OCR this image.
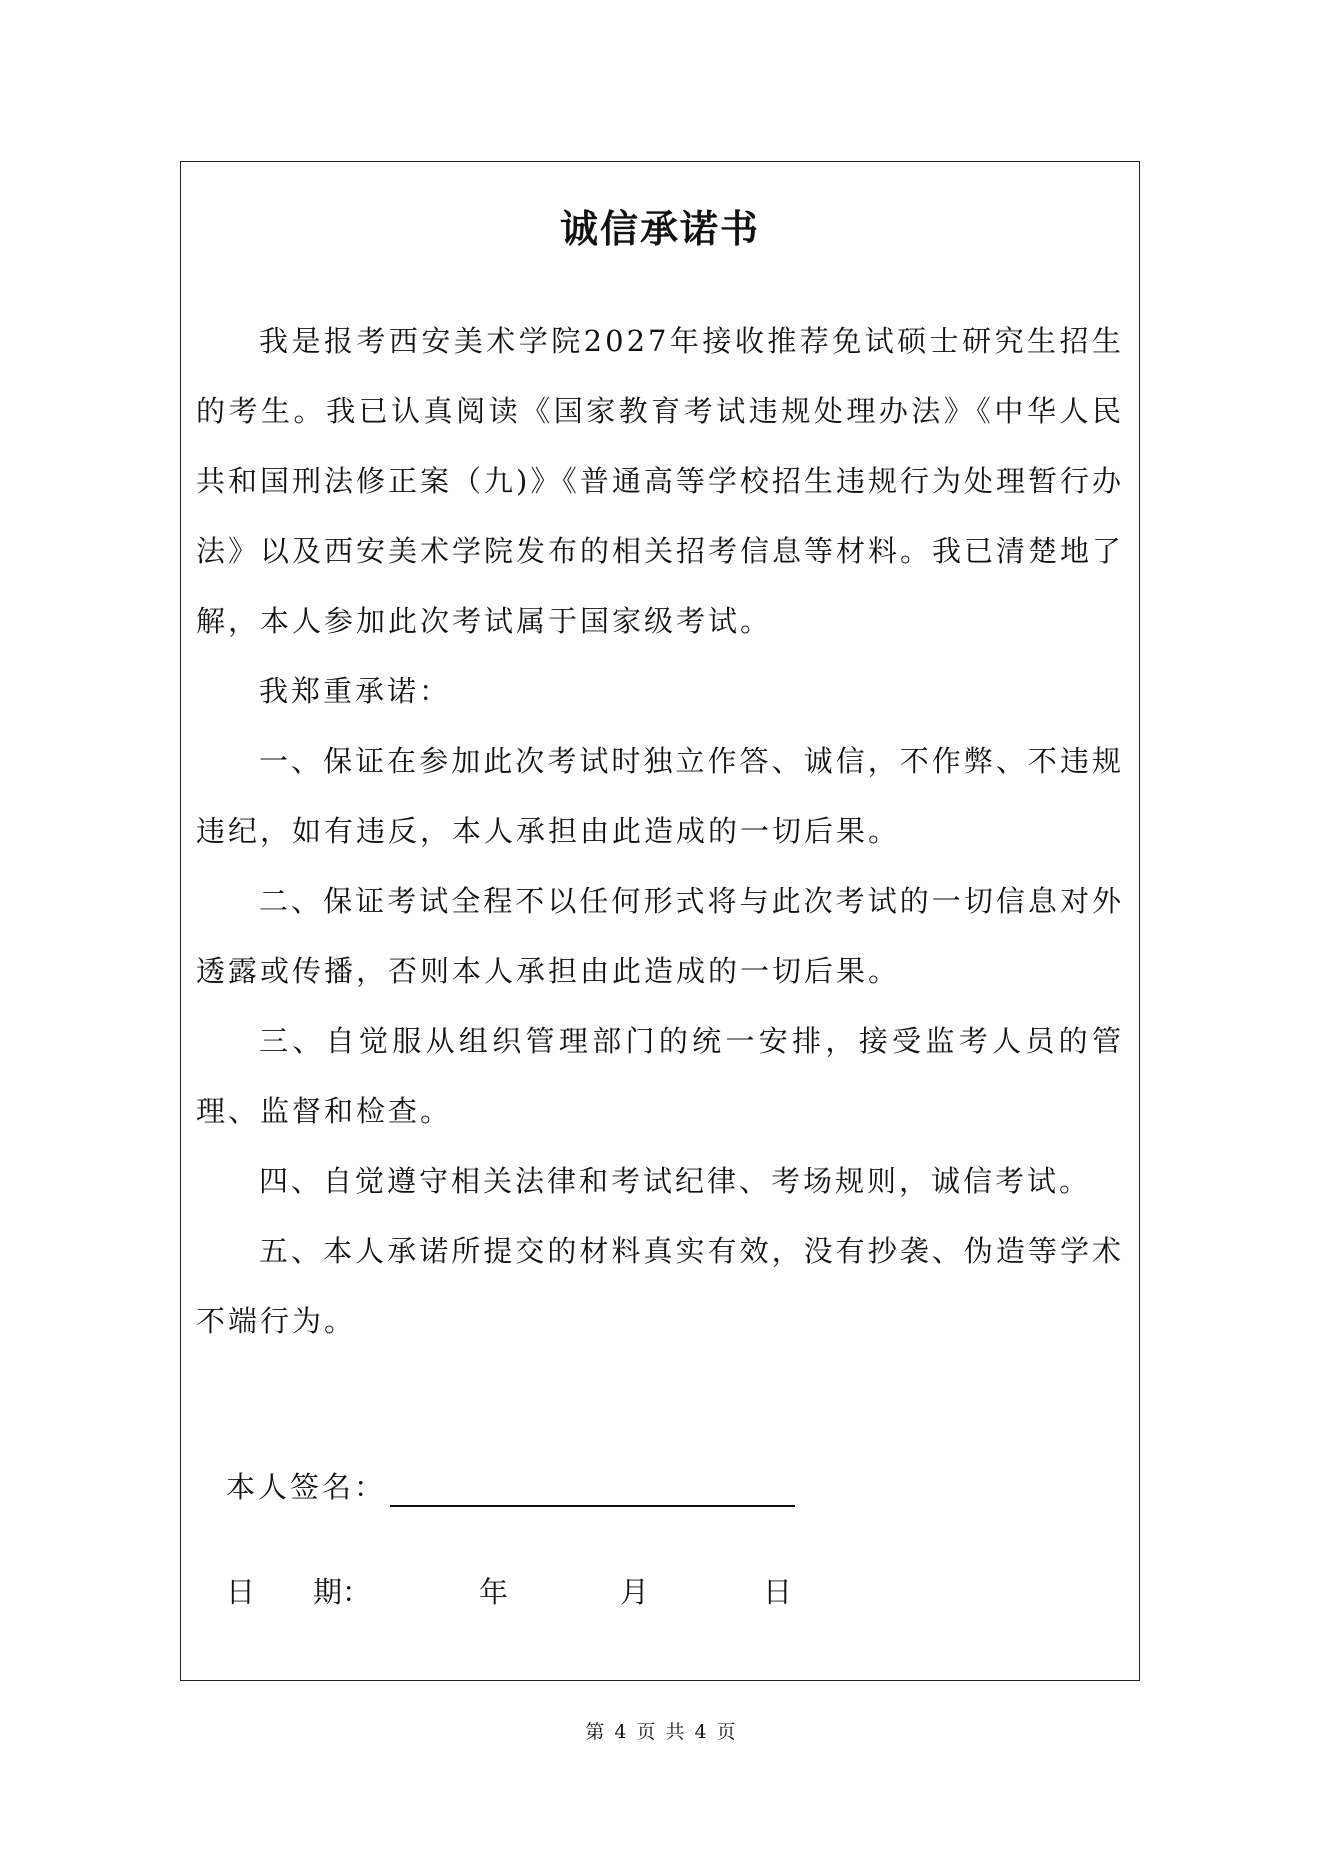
诚信承诺书

我是报考西安美术学院2027年接收推荐免试硕士研究生招生的考生。我已认真阅读《国家教育考试违规处理办法》《中华人民共和国刑法修正案（九)》《普通高等学校招生违规行为处理暂行办法》以及西安美术学院发布的相关招考信息等材料。我已清楚地了解，本人参加此次考试属于国家级考试。

我郑重承诺：

一、保证在参加此次考试时独立作答、诚信，不作弊、不违规违纪，如有违反，本人承担由此造成的一切后果。

二、保证考试全程不以任何形式将与此次考试的一切信息对外透露或传播，否则本人承担由此造成的一切后果。

三、自觉服从组织管理部门的统一安排，接受监考人员的管理、监督和检查。

四、自觉遵守相关法律和考试纪律、考场规则，诚信考试。

五、本人承诺所提交的材料真实有效，没有抄袭、伪造等学术不端行为。

本人签名：
日　　期：	年	月	日
第 4 页 共 4 页
